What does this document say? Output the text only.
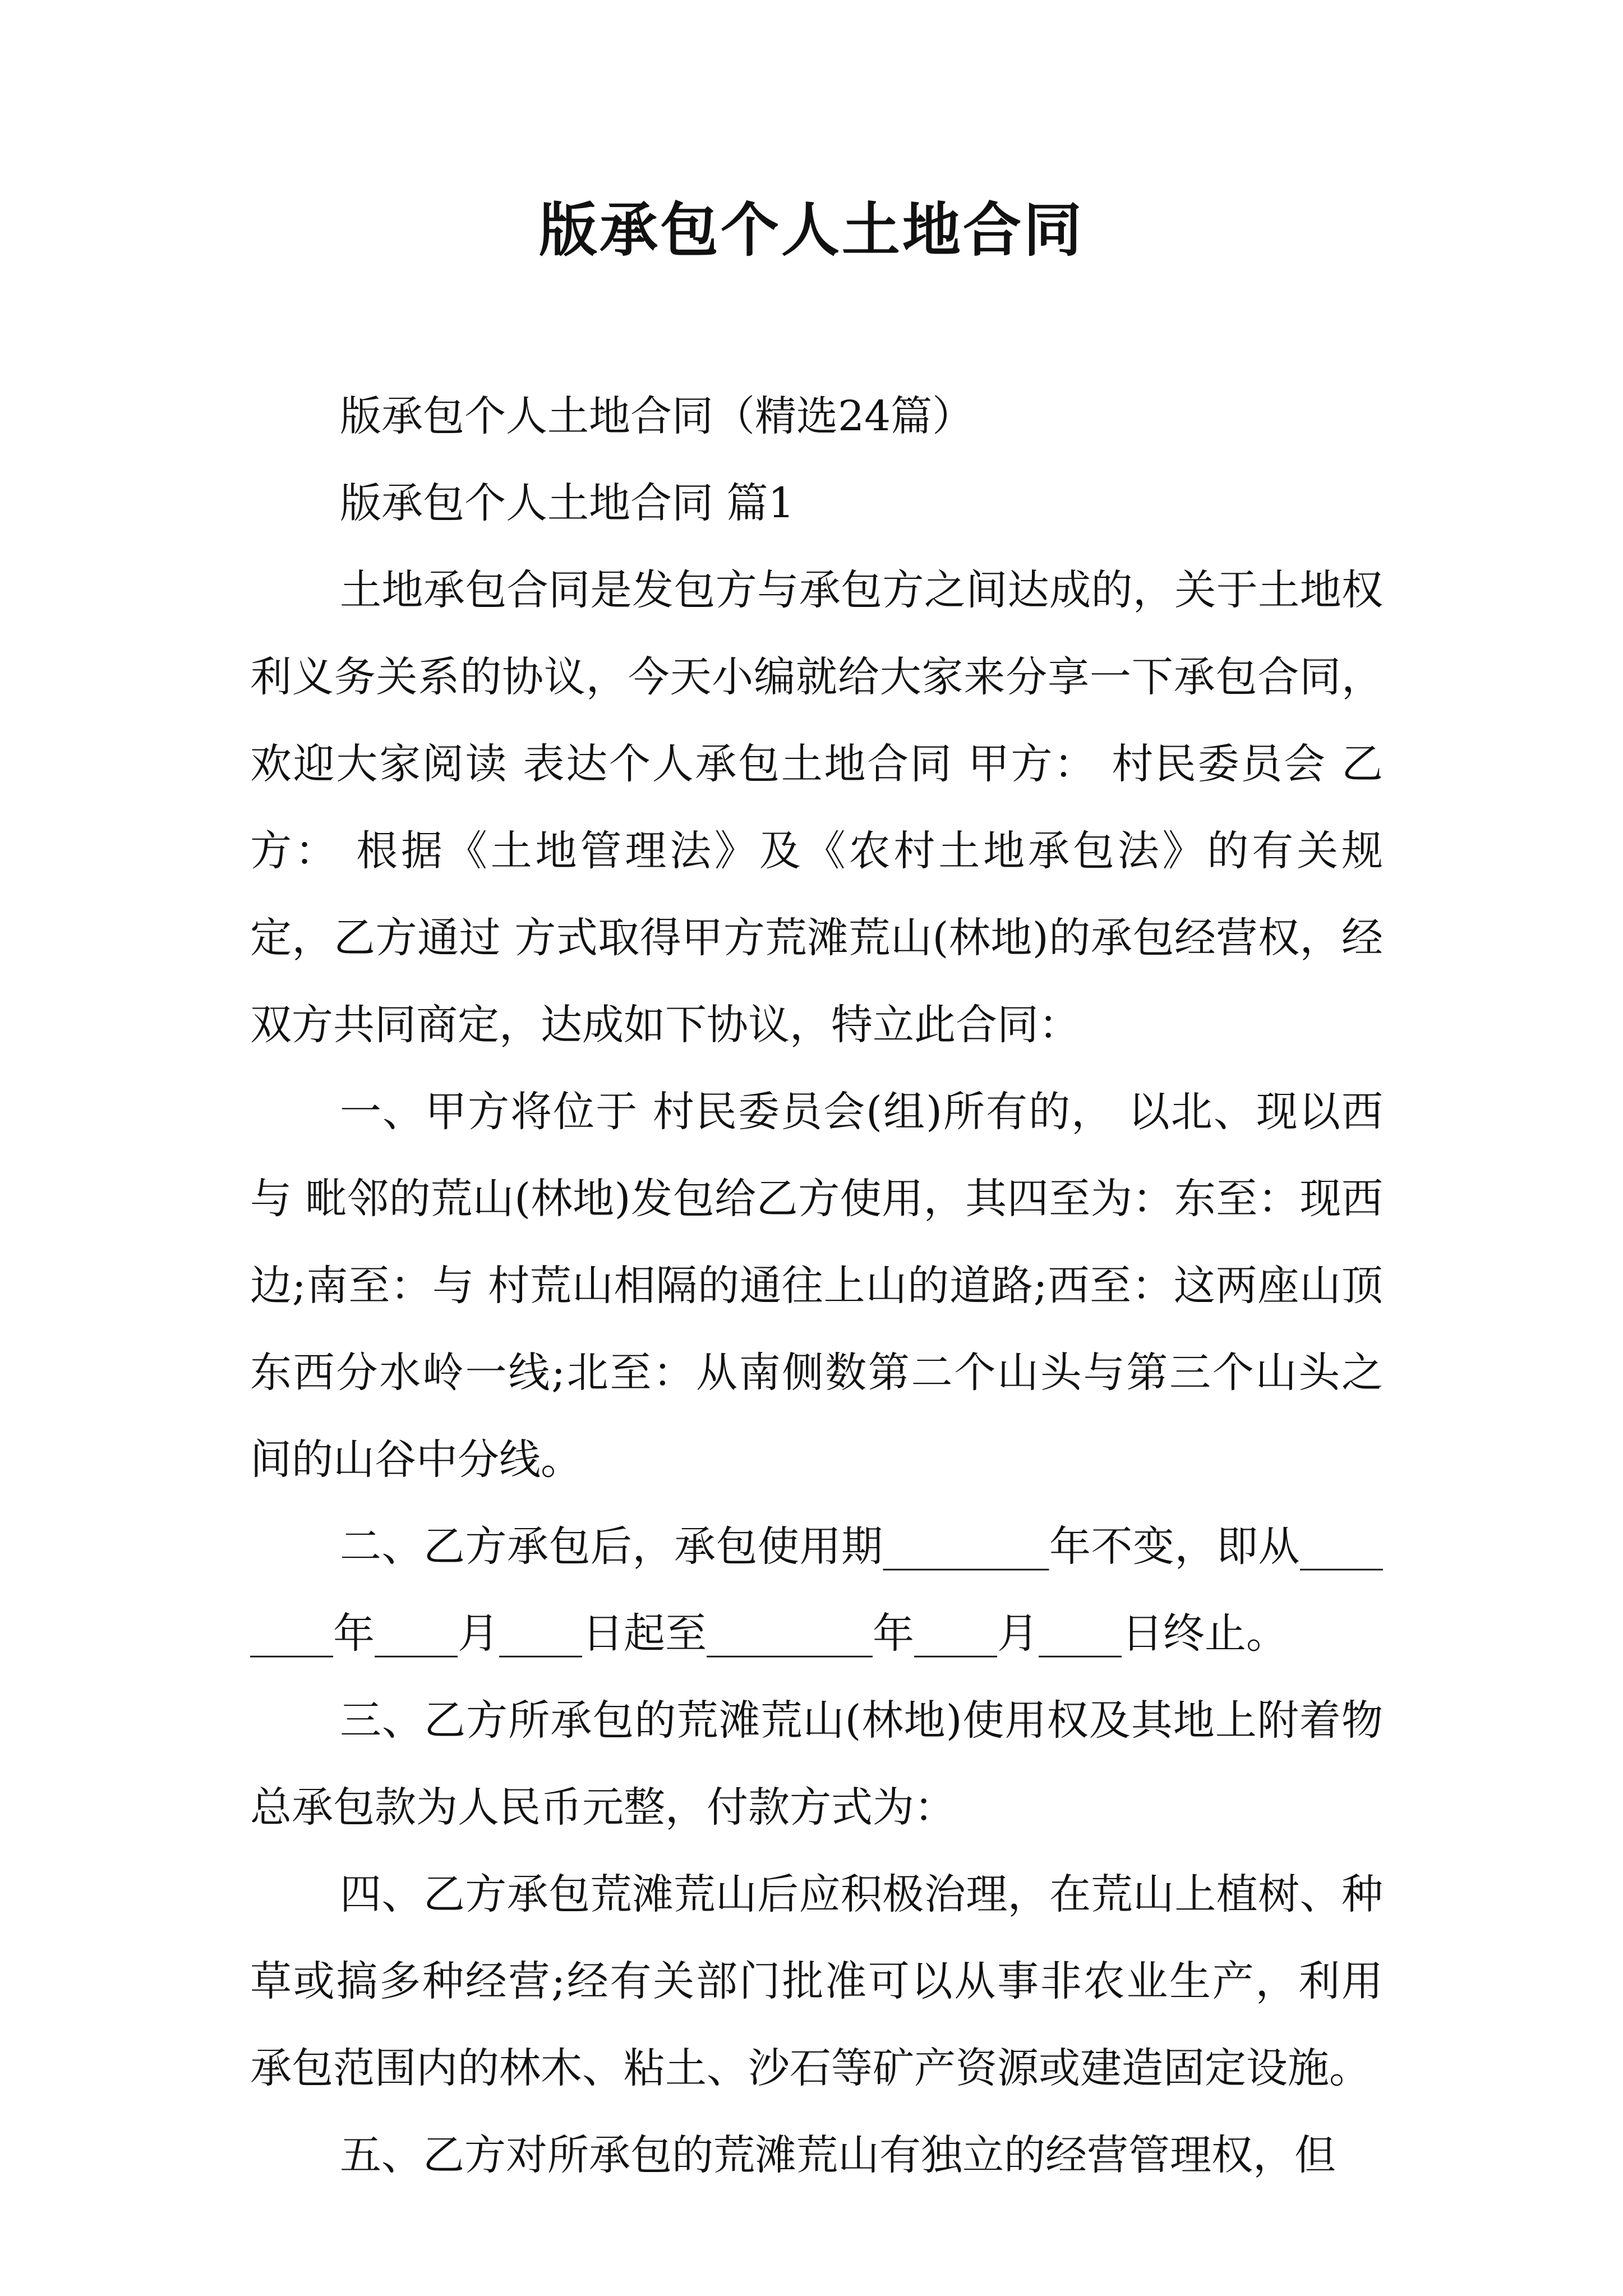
版承包个人土地合同

版承包个人土地合同（精选24篇）

版承包个人土地合同 篇1

土地承包合同是发包方与承包方之间达成的，关于土地权利义务关系的协议，今天小编就给大家来分享一下承包合同，欢迎大家阅读 表达个人承包土地合同 甲方： 村民委员会 乙方： 根据《土地管理法》及《农村土地承包法》的有关规定，乙方通过 方式取得甲方荒滩荒山(林地)的承包经营权，经双方共同商定，达成如下协议，特立此合同：

一、甲方将位于 村民委员会(组)所有的， 以北、现以西与 毗邻的荒山(林地)发包给乙方使用，其四至为：东至：现西边;南至：与 村荒山相隔的通往上山的道路;西至：这两座山顶东西分水岭一线;北至：从南侧数第二个山头与第三个山头之间的山谷中分线。

二、乙方承包后，承包使用期________年不变，即从________年____月____日起至________年____月____日终止。

三、乙方所承包的荒滩荒山(林地)使用权及其地上附着物总承包款为人民币元整，付款方式为：

四、乙方承包荒滩荒山后应积极治理，在荒山上植树、种草或搞多种经营;经有关部门批准可以从事非农业生产，利用承包范围内的林木、粘土、沙石等矿产资源或建造固定设施。

五、乙方对所承包的荒滩荒山有独立的经营管理权，但
